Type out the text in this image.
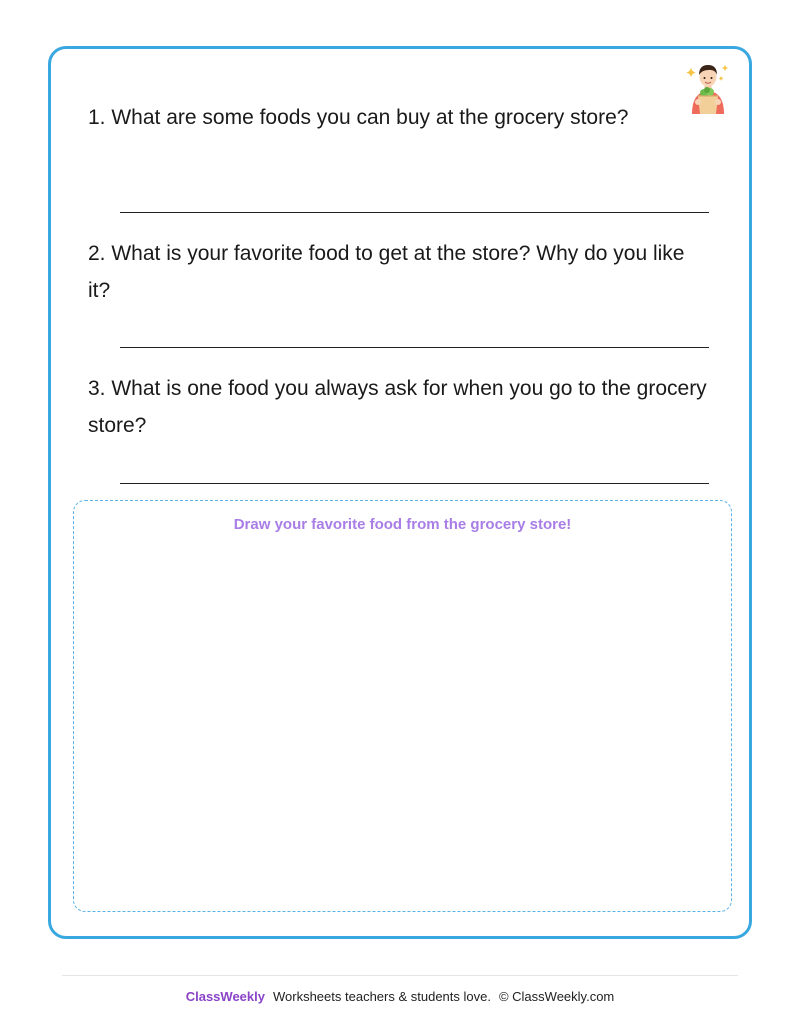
1. What are some foods you can buy at the grocery store?
2. What is your favorite food to get at the store? Why do you like it?
3. What is one food you always ask for when you go to the grocery store?
Draw your favorite food from the grocery store!
ClassWeekly Worksheets teachers & students love. © ClassWeekly.com
